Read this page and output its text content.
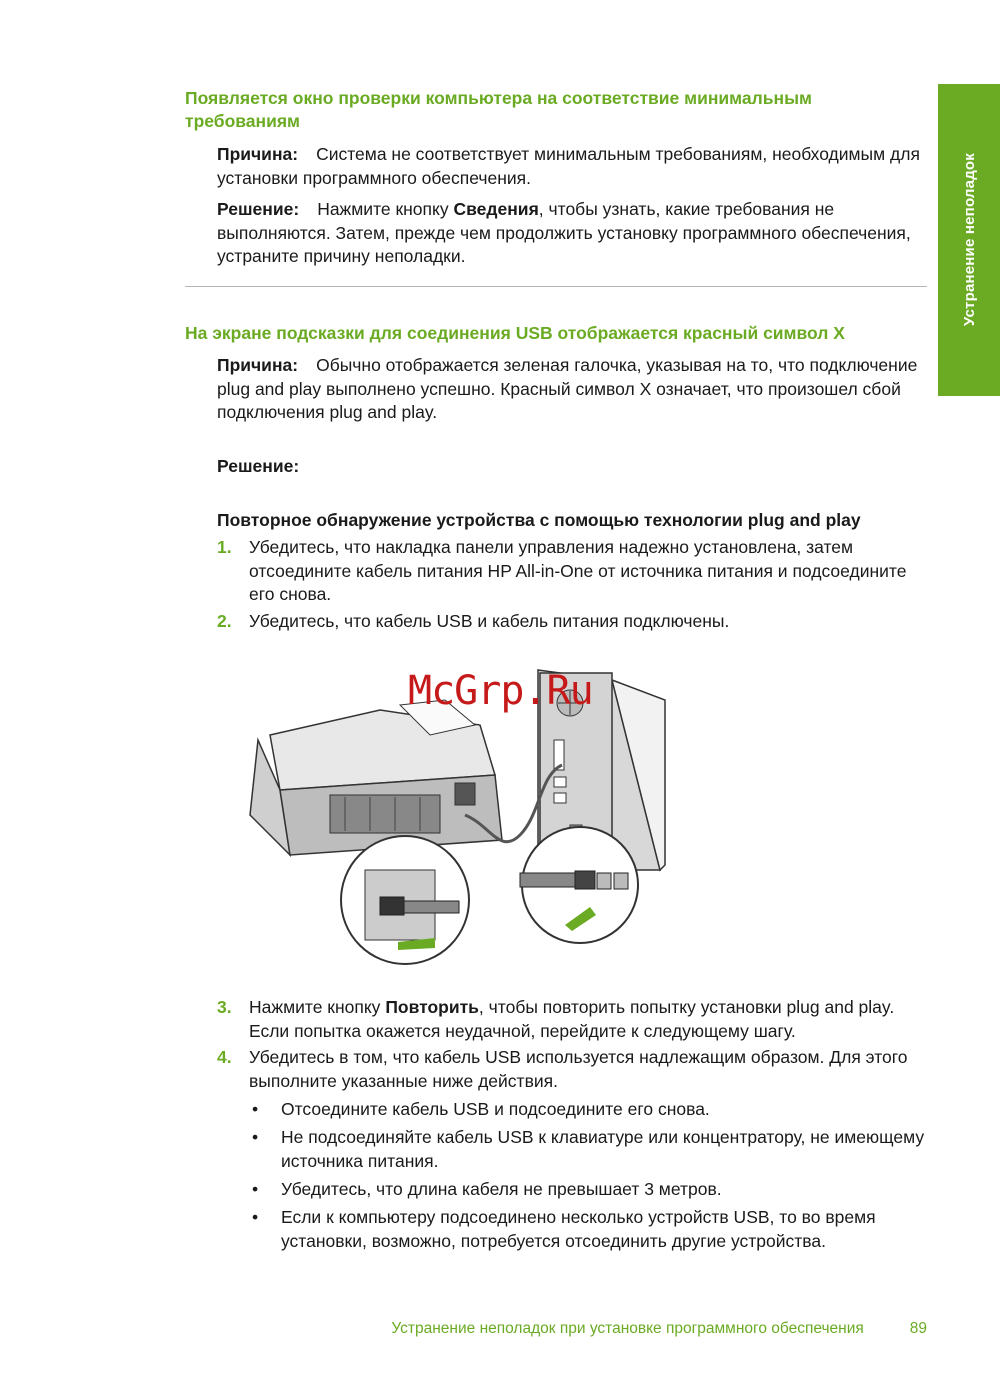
Устранение неполадок
Появляется окно проверки компьютера на соответствие минимальным требованиям
Причина: Система не соответствует минимальным требованиям, необходимым для установки программного обеспечения.
Решение: Нажмите кнопку Сведения, чтобы узнать, какие требования не выполняются. Затем, прежде чем продолжить установку программного обеспечения, устраните причину неполадки.
На экране подсказки для соединения USB отображается красный символ X
Причина: Обычно отображается зеленая галочка, указывая на то, что подключение plug and play выполнено успешно. Красный символ X означает, что произошел сбой подключения plug and play.
Решение:
Повторное обнаружение устройства с помощью технологии plug and play
1. Убедитесь, что накладка панели управления надежно установлена, затем отсоедините кабель питания HP All-in-One от источника питания и подсоедините его снова.
2. Убедитесь, что кабель USB и кабель питания подключены.
McGrp.Ru
3. Нажмите кнопку Повторить, чтобы повторить попытку установки plug and play. Если попытка окажется неудачной, перейдите к следующему шагу.
4. Убедитесь в том, что кабель USB используется надлежащим образом. Для этого выполните указанные ниже действия.
• Отсоедините кабель USB и подсоедините его снова.
• Не подсоединяйте кабель USB к клавиатуре или концентратору, не имеющему источника питания.
• Убедитесь, что длина кабеля не превышает 3 метров.
• Если к компьютеру подсоединено несколько устройств USB, то во время установки, возможно, потребуется отсоединить другие устройства.
Устранение неполадок при установке программного обеспечения	89
